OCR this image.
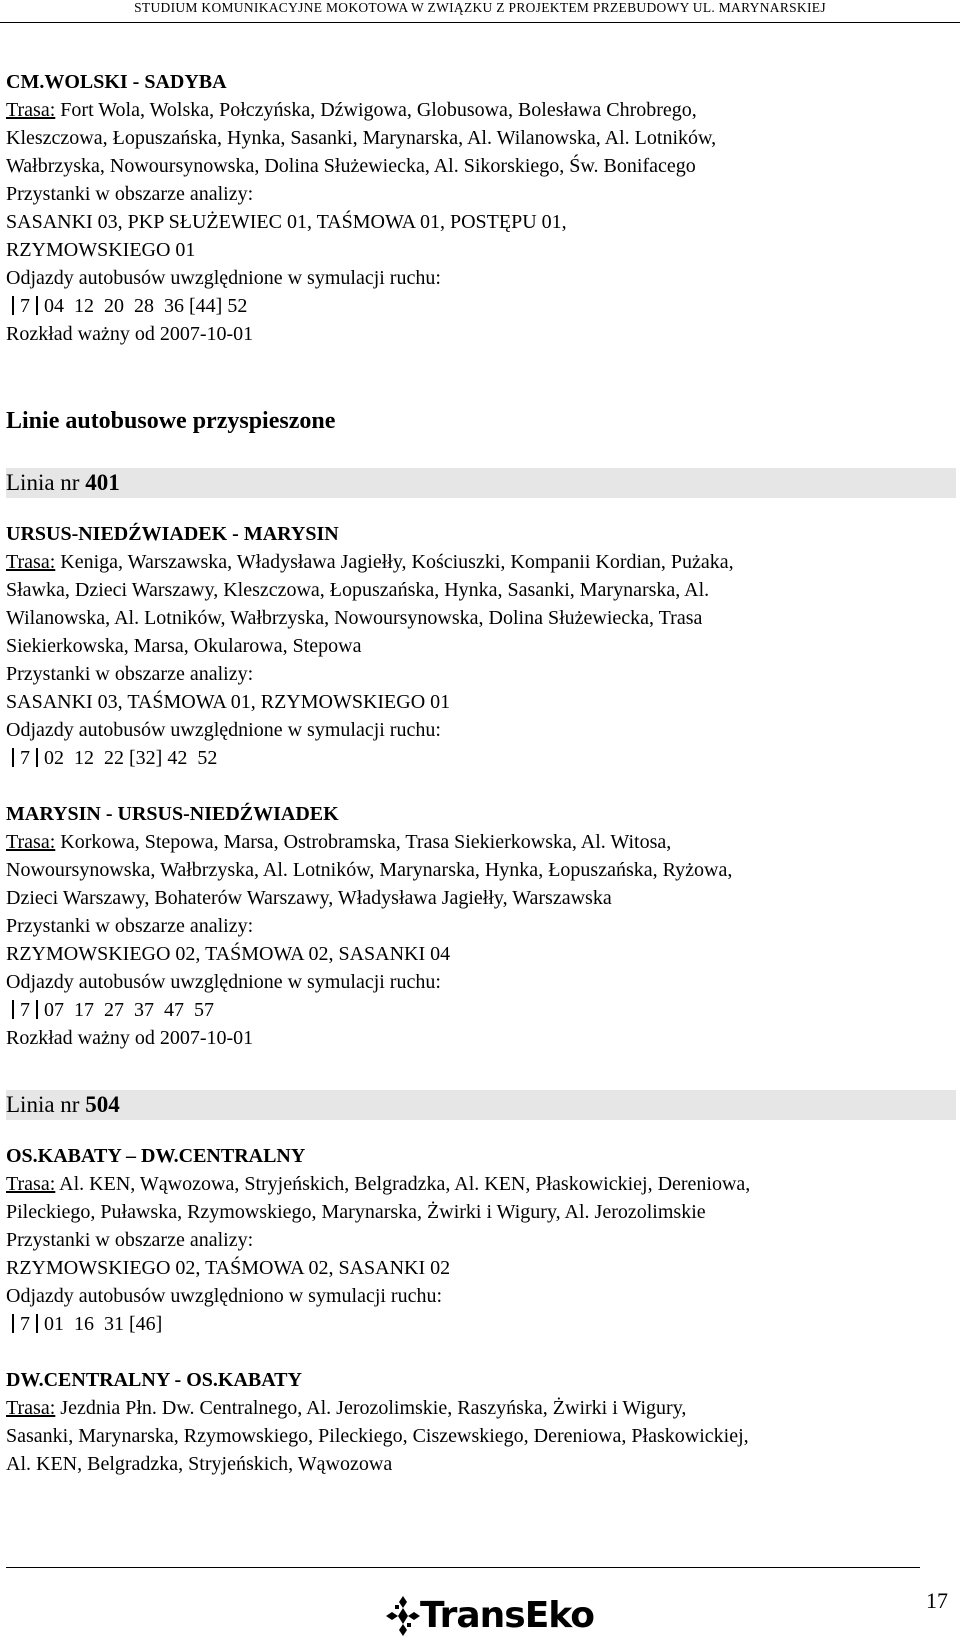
STUDIUM KOMUNIKACYJNE MOKOTOWA W ZWIĄZKU Z PROJEKTEM PRZEBUDOWY UL. MARYNARSKIEJ
CM.WOLSKI - SADYBA
Trasa: Fort Wola, Wolska, Połczyńska, Dźwigowa, Globusowa, Bolesława Chrobrego,
Kleszczowa, Łopuszańska, Hynka, Sasanki, Marynarska, Al. Wilanowska, Al. Lotników,
Wałbrzyska, Nowoursynowska, Dolina Służewiecka, Al. Sikorskiego, Św. Bonifacego
Przystanki w obszarze analizy:
SASANKI 03, PKP SŁUŻEWIEC 01, TAŚMOWA 01, POSTĘPU 01,
RZYMOWSKIEGO 01
Odjazdy autobusów uwzględnione w symulacji ruchu:
7 04  12  20  28  36 [44] 52
Rozkład ważny od 2007-10-01
Linie autobusowe przyspieszone
Linia nr 401
URSUS-NIEDŹWIADEK - MARYSIN
Trasa: Keniga, Warszawska, Władysława Jagiełły, Kościuszki, Kompanii Kordian, Pużaka,
Sławka, Dzieci Warszawy, Kleszczowa, Łopuszańska, Hynka, Sasanki, Marynarska, Al.
Wilanowska, Al. Lotników, Wałbrzyska, Nowoursynowska, Dolina Służewiecka, Trasa
Siekierkowska, Marsa, Okularowa, Stepowa
Przystanki w obszarze analizy:
SASANKI 03, TAŚMOWA 01, RZYMOWSKIEGO 01
Odjazdy autobusów uwzględnione w symulacji ruchu:
7 02  12  22 [32] 42  52
MARYSIN - URSUS-NIEDŹWIADEK
Trasa: Korkowa, Stepowa, Marsa, Ostrobramska, Trasa Siekierkowska, Al. Witosa,
Nowoursynowska, Wałbrzyska, Al. Lotników, Marynarska, Hynka, Łopuszańska, Ryżowa,
Dzieci Warszawy, Bohaterów Warszawy, Władysława Jagiełły, Warszawska
Przystanki w obszarze analizy:
RZYMOWSKIEGO 02, TAŚMOWA 02, SASANKI 04
Odjazdy autobusów uwzględnione w symulacji ruchu:
7 07  17  27  37  47  57
Rozkład ważny od 2007-10-01
Linia nr 504
OS.KABATY – DW.CENTRALNY
Trasa: Al. KEN, Wąwozowa, Stryjeńskich, Belgradzka, Al. KEN, Płaskowickiej, Dereniowa,
Pileckiego, Puławska, Rzymowskiego, Marynarska, Żwirki i Wigury, Al. Jerozolimskie
Przystanki w obszarze analizy:
RZYMOWSKIEGO 02, TAŚMOWA 02, SASANKI 02
Odjazdy autobusów uwzględniono w symulacji ruchu:
7 01  16  31 [46]
DW.CENTRALNY - OS.KABATY
Trasa: Jezdnia Płn. Dw. Centralnego, Al. Jerozolimskie, Raszyńska, Żwirki i Wigury,
Sasanki, Marynarska, Rzymowskiego, Pileckiego, Ciszewskiego, Dereniowa, Płaskowickiej,
Al. KEN, Belgradzka, Stryjeńskich, Wąwozowa
17
TransEko
